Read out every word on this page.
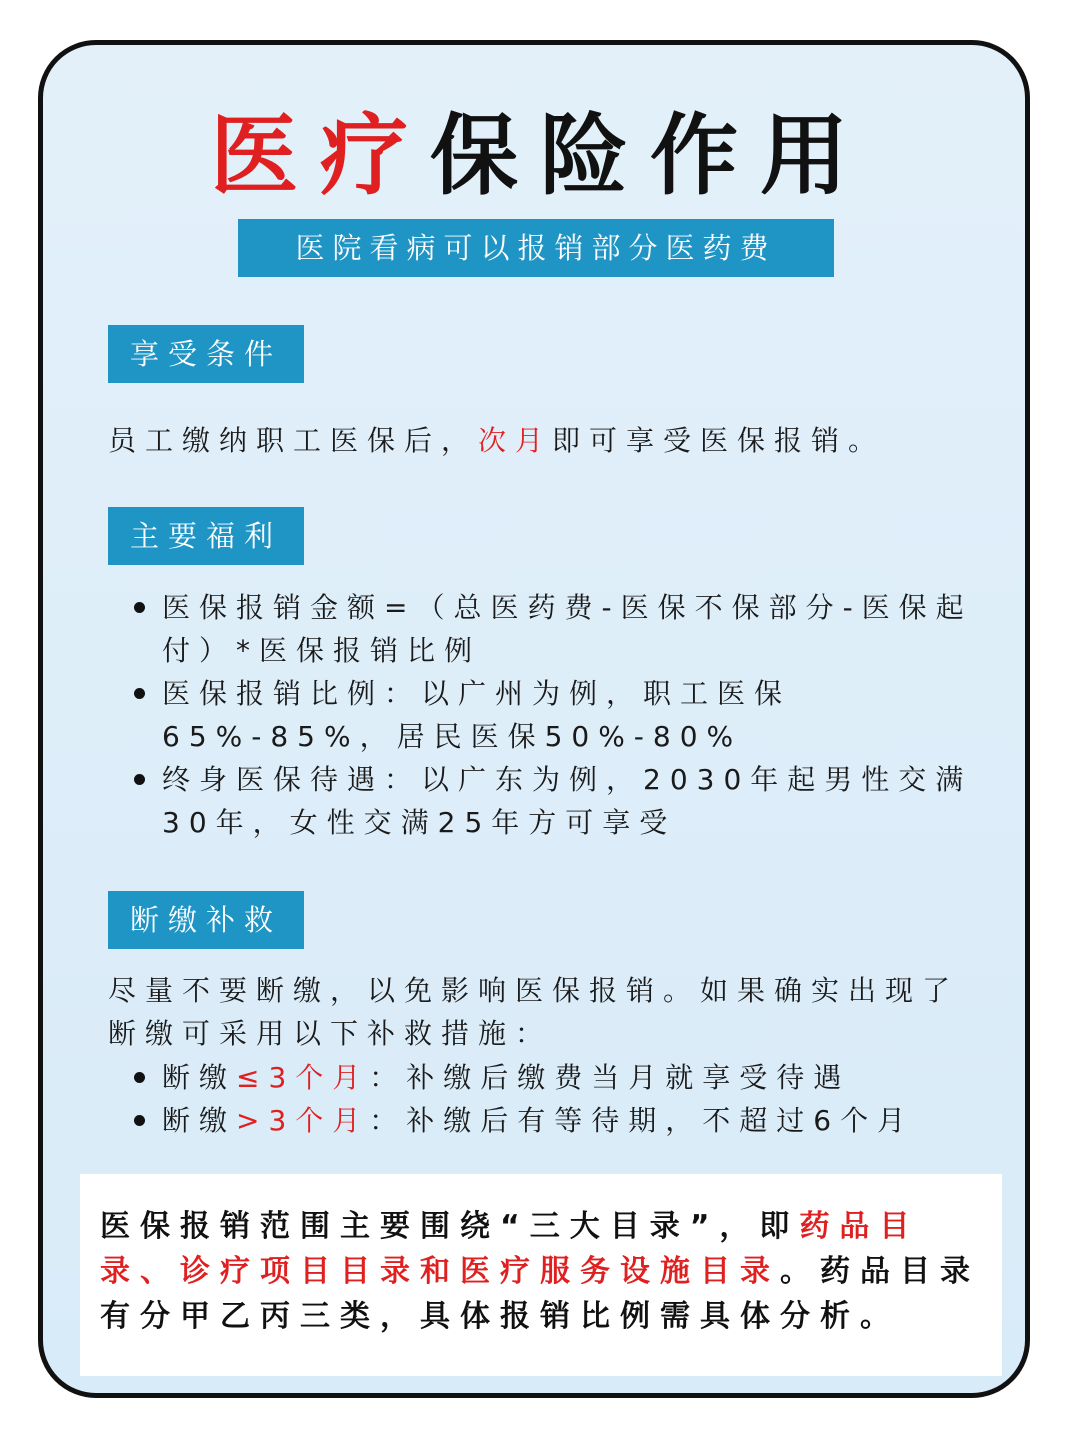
医疗保险作用
医院看病可以报销部分医药费
享受条件
员工缴纳职工医保后，次月即可享受医保报销。
主要福利
医保报销金额=（总医药费-医保不保部分-医保起付）*医保报销比例
医保报销比例：以广州为例，职工医保65%-85%，居民医保50%-80%
终身医保待遇：以广东为例，2030年起男性交满30年，女性交满25年方可享受
断缴补救
尽量不要断缴，以免影响医保报销。如果确实出现了断缴可采用以下补救措施：
断缴≤3个月：补缴后缴费当月就享受待遇
断缴>3个月：补缴后有等待期，不超过6个月
医保报销范围主要围绕“三大目录”，即药品目录、诊疗项目目录和医疗服务设施目录。药品目录有分甲乙丙三类，具体报销比例需具体分析。
